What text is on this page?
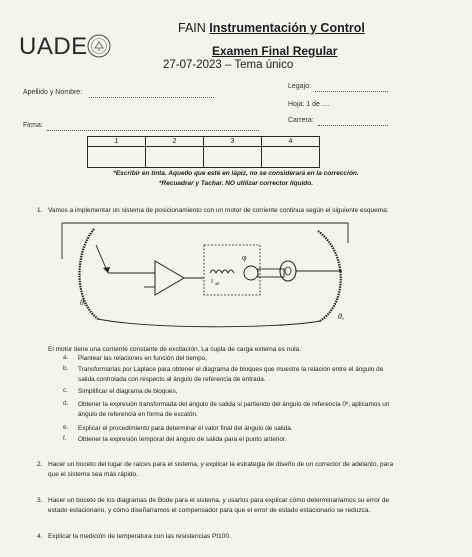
UADE
FAIN Instrumentación y Control
Examen Final Regular
27-07-2023 – Tema único
Apellido y Nombre:
Legajo:
Hoja: 1 de ....
Firma:
Carrera:
1	2	3	4

*Escribir en tinta. Aquello que esté en lápiz, no se considerará en la corrección.
*Recuadrar y Tachar. NO utilizar corrector líquido.
1. Vamos a implementar un sistema de posicionamiento con un motor de corriente continua según el siguiente esquema:
I aE
φ
θᵢ
θₒ
El motor tiene una corriente constante de excitación. La cupla de carga externa es nula.
a. Plantear las relaciones en función del tiempo,
b. Transformarlas por Laplace para obtener el diagrama de bloques que muestre la relación entre el ángulo de
salida controlada con respecto al ángulo de referencia de entrada.
c. Simplificar el diagrama de bloques,
d. Obtener la expresión transformada del ángulo de salida si partiendo del ángulo de referencia 0º, aplicamos un
ángulo de referencia en forma de escalón.
e. Explicar el procedimiento para determinar el valor final del ángulo de salida.
f. Obtener la expresión temporal del ángulo de salida para el punto anterior.
2. Hacer un boceto del lugar de raíces para el sistema, y explicar la estrategia de diseño de un corrector de adelanto, para
que el sistema sea más rápido.
3. Hacer un boceto de los diagramas de Bode para el sistema, y usarlos para explicar cómo determinaríamos su error de
estado estacionario, y cómo diseñaríamos el compensador para que el error de estado estacionario se reduzca.
4. Explicar la medición de temperatura con las resistencias Pt100.
